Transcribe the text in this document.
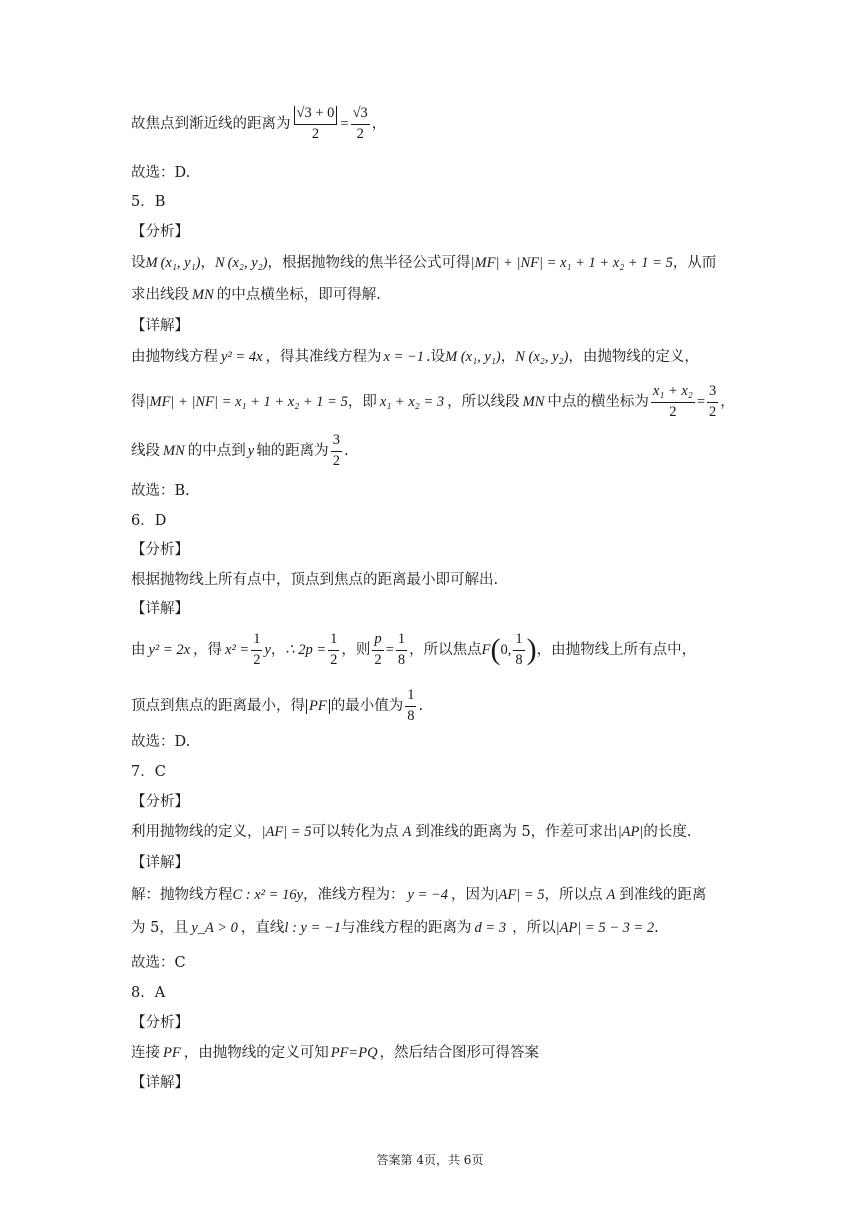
故焦点到渐近线的距离为 $\frac{√3 + 0}{2} = \frac{√3}{2}$ ，
故选：D.
5．B
【分析】
设 M (x₁, y₁) ， N (x₂, y₂) ，根据抛物线的焦半径公式可得 |MF| + |NF| = x₁ + 1 + x₂ + 1 = 5 ，从而
求出线段 MN 的中点横坐标，即可得解.
【详解】
由抛物线方程 y² = 4x ，得其准线方程为 x = −1 .设 M (x₁, y₁) ， N (x₂, y₂) ，由抛物线的定义，
得 |MF| + |NF| = x₁ + 1 + x₂ + 1 = 5 ，即 x₁ + x₂ = 3 ，所以线段 MN 中点的横坐标为 $\frac{\text{x₁ + x₂}}{2} = \frac{3}{2}$ ，
线段 MN 的中点到 y 轴的距离为 $\frac{3}{2}$ .
故选：B.
6．D
【分析】
根据抛物线上所有点中，顶点到焦点的距离最小即可解出.
【详解】
由 y² = 2x ，得 $x^2 = \frac{1}{2}$ y ， ∴ $2p = \frac{1}{2}$ ，则 $\frac{p}{2} = \frac{1}{8}$ ，所以焦点 F ( 0, $\frac{1}{8}$ ) ，由抛物线上所有点中，
顶点到焦点的距离最小，得 PF 的最小值为 $\frac{1}{8}$ .
故选：D.
7．C
【分析】
利用抛物线的定义， |AF| = 5 可以转化为点 A 到准线的距离为 5，作差可求出 |AP| 的长度.
【详解】
解：抛物线方程 C : x² = 16y ，准线方程为： y = −4 ，因为 |AF| = 5 ，所以点 A 到准线的距离
为 5，且 y_A > 0 ，直线 l : y = −1 与准线方程的距离为 d = 3 ，所以 |AP| = 5 − 3 = 2 .
故选：C
8．A
【分析】
连接 PF ，由抛物线的定义可知 PF=PQ ，然后结合图形可得答案
【详解】
答案第 4页，共 6页
